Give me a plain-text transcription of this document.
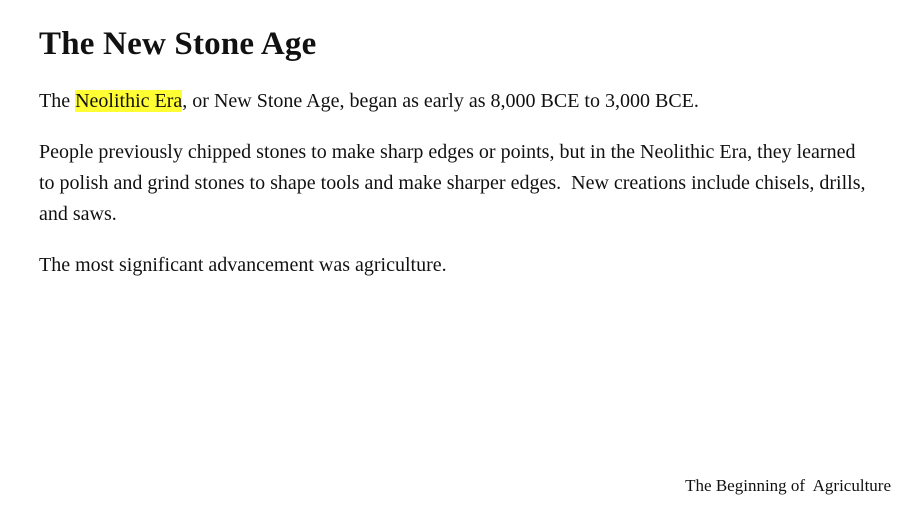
The New Stone Age

The Neolithic Era, or New Stone Age, began as early as 8,000 BCE to 3,000 BCE.

People previously chipped stones to make sharp edges or points, but in the Neolithic Era, they learned to polish and grind stones to shape tools and make sharper edges.  New creations include chisels, drills, and saws.

The most significant advancement was agriculture.

The Beginning of  Agriculture
